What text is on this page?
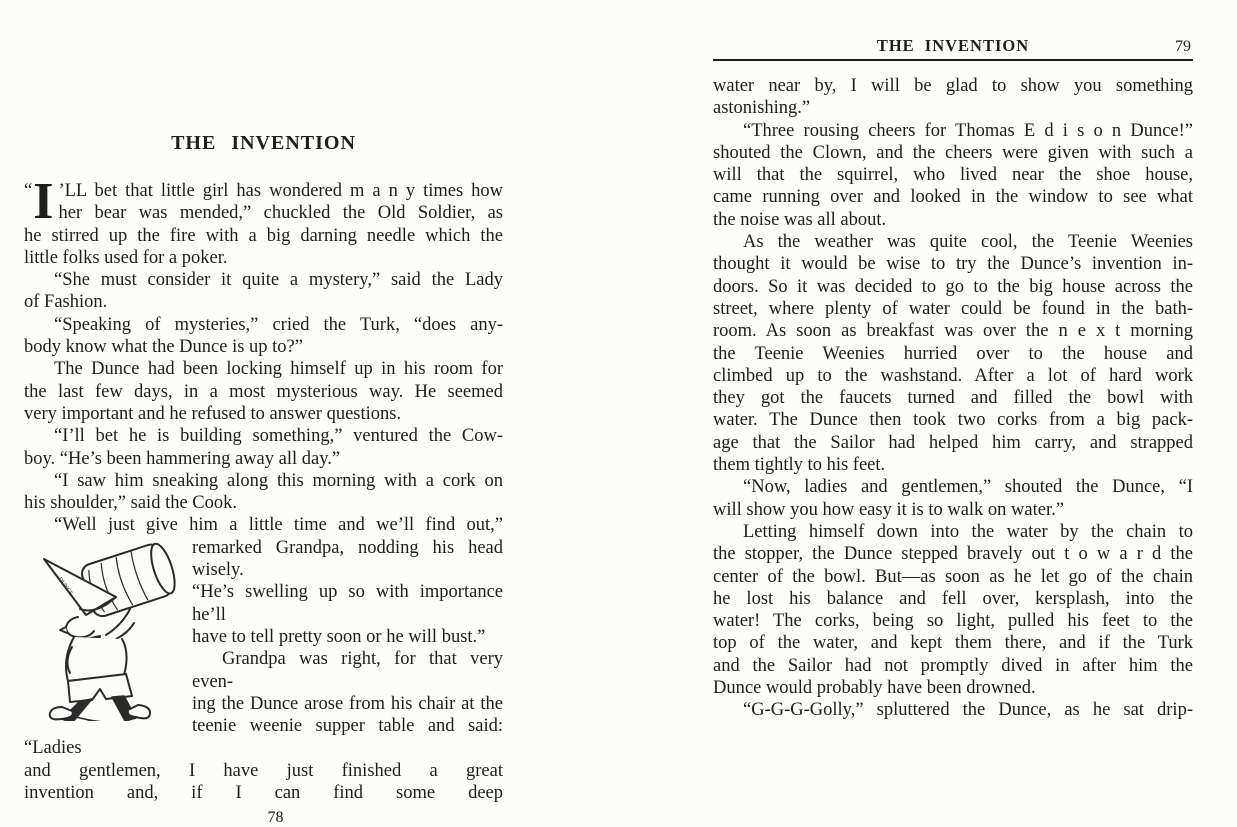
THE INVENTION
“ I ’LL bet that little girl has wondered m a n y times how
her bear was mended,” chuckled the Old Soldier, as
he stirred up the fire with a big darning needle which the
little folks used for a poker.
“She must consider it quite a mystery,” said the Lady
of Fashion.
“Speaking of mysteries,” cried the Turk, “does any-
body know what the Dunce is up to?”
The Dunce had been locking himself up in his room for
the last few days, in a most mysterious way. He seemed
very important and he refused to answer questions.
“I’ll bet he is building something,” ventured the Cow-
boy. “He’s been hammering away all day.”
“I saw him sneaking along this morning with a cork on
his shoulder,” said the Cook.
“Well just give him a little time and we’ll find out,”
DUNCE
remarked Grandpa, nodding his head wisely.
“He’s swelling up so with importance he’ll
have to tell pretty soon or he will bust.”
Grandpa was right, for that very even-
ing the Dunce arose from his chair at the
teenie weenie supper table and said: “Ladies
and gentlemen, I have just finished a great
invention and, if I can find some deep
78
THE INVENTION	79
water near by, I will be glad to show you something
astonishing.”
“Three rousing cheers for Thomas E d i s o n Dunce!”
shouted the Clown, and the cheers were given with such a
will that the squirrel, who lived near the shoe house,
came running over and looked in the window to see what
the noise was all about.
As the weather was quite cool, the Teenie Weenies
thought it would be wise to try the Dunce’s invention in-
doors. So it was decided to go to the big house across the
street, where plenty of water could be found in the bath-
room. As soon as breakfast was over the n e x t morning
the Teenie Weenies hurried over to the house and
climbed up to the washstand. After a lot of hard work
they got the faucets turned and filled the bowl with
water. The Dunce then took two corks from a big pack-
age that the Sailor had helped him carry, and strapped
them tightly to his feet.
“Now, ladies and gentlemen,” shouted the Dunce, “I
will show you how easy it is to walk on water.”
Letting himself down into the water by the chain to
the stopper, the Dunce stepped bravely out t o w a r d the
center of the bowl. But—as soon as he let go of the chain
he lost his balance and fell over, kersplash, into the
water! The corks, being so light, pulled his feet to the
top of the water, and kept them there, and if the Turk
and the Sailor had not promptly dived in after him the
Dunce would probably have been drowned.
“G-G-G-Golly,” spluttered the Dunce, as he sat drip-
